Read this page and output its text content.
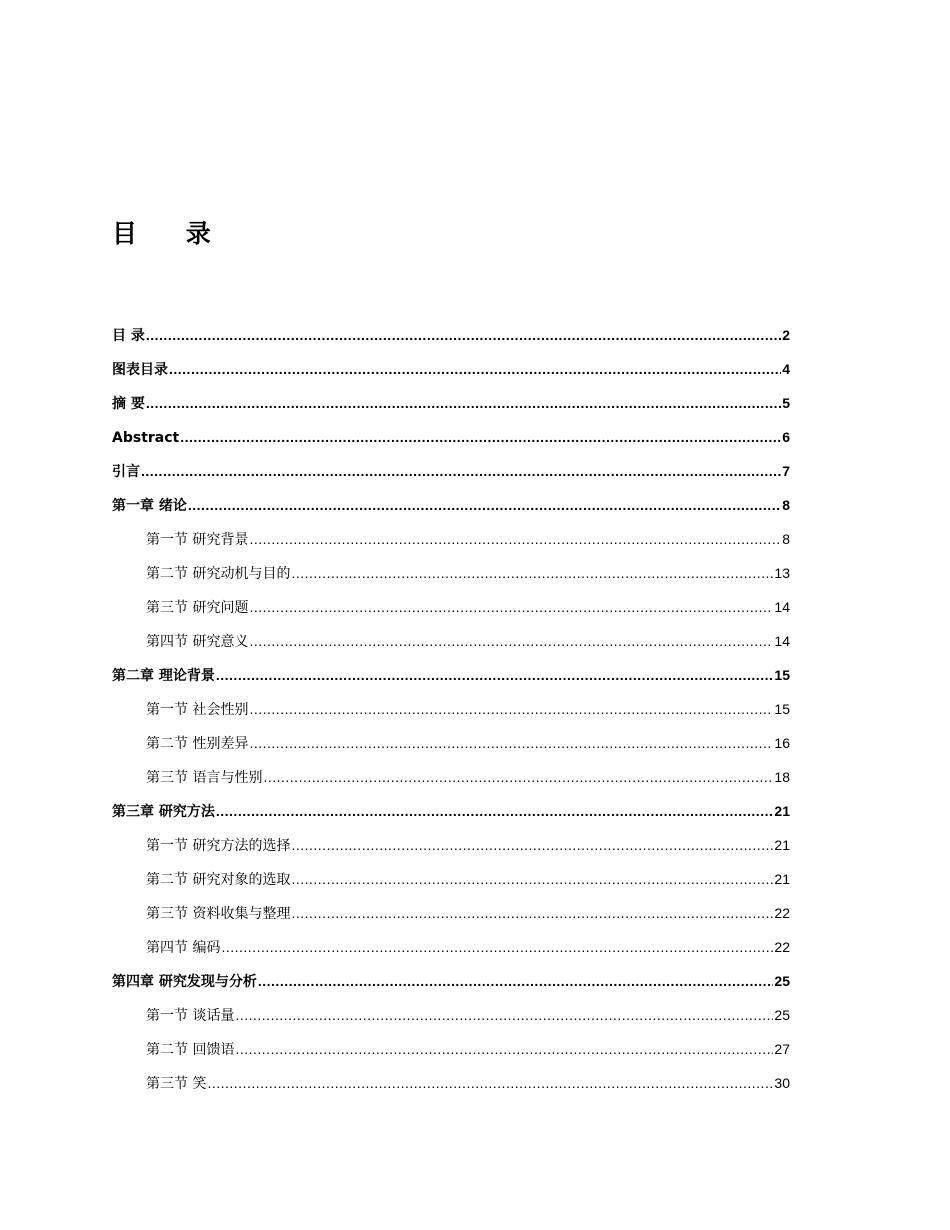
目 录
目 录 .....	2
图表目录 .....	4
摘 要 .....	5
Abstract .....	6
引言 .....	7
第一章 绪论 .....	8
第一节 研究背景 .....	8
第二节 研究动机与目的 .....	13
第三节 研究问题 .....	14
第四节 研究意义 .....	14
第二章 理论背景 .....	15
第一节 社会性别 .....	15
第二节 性别差异 .....	16
第三节 语言与性别 .....	18
第三章 研究方法 .....	21
第一节 研究方法的选择 .....	21
第二节 研究对象的选取 .....	21
第三节 资料收集与整理 .....	22
第四节 编码 .....	22
第四章 研究发现与分析 .....	25
第一节 谈话量 .....	25
第二节 回馈语 .....	27
第三节 笑 .....	30
